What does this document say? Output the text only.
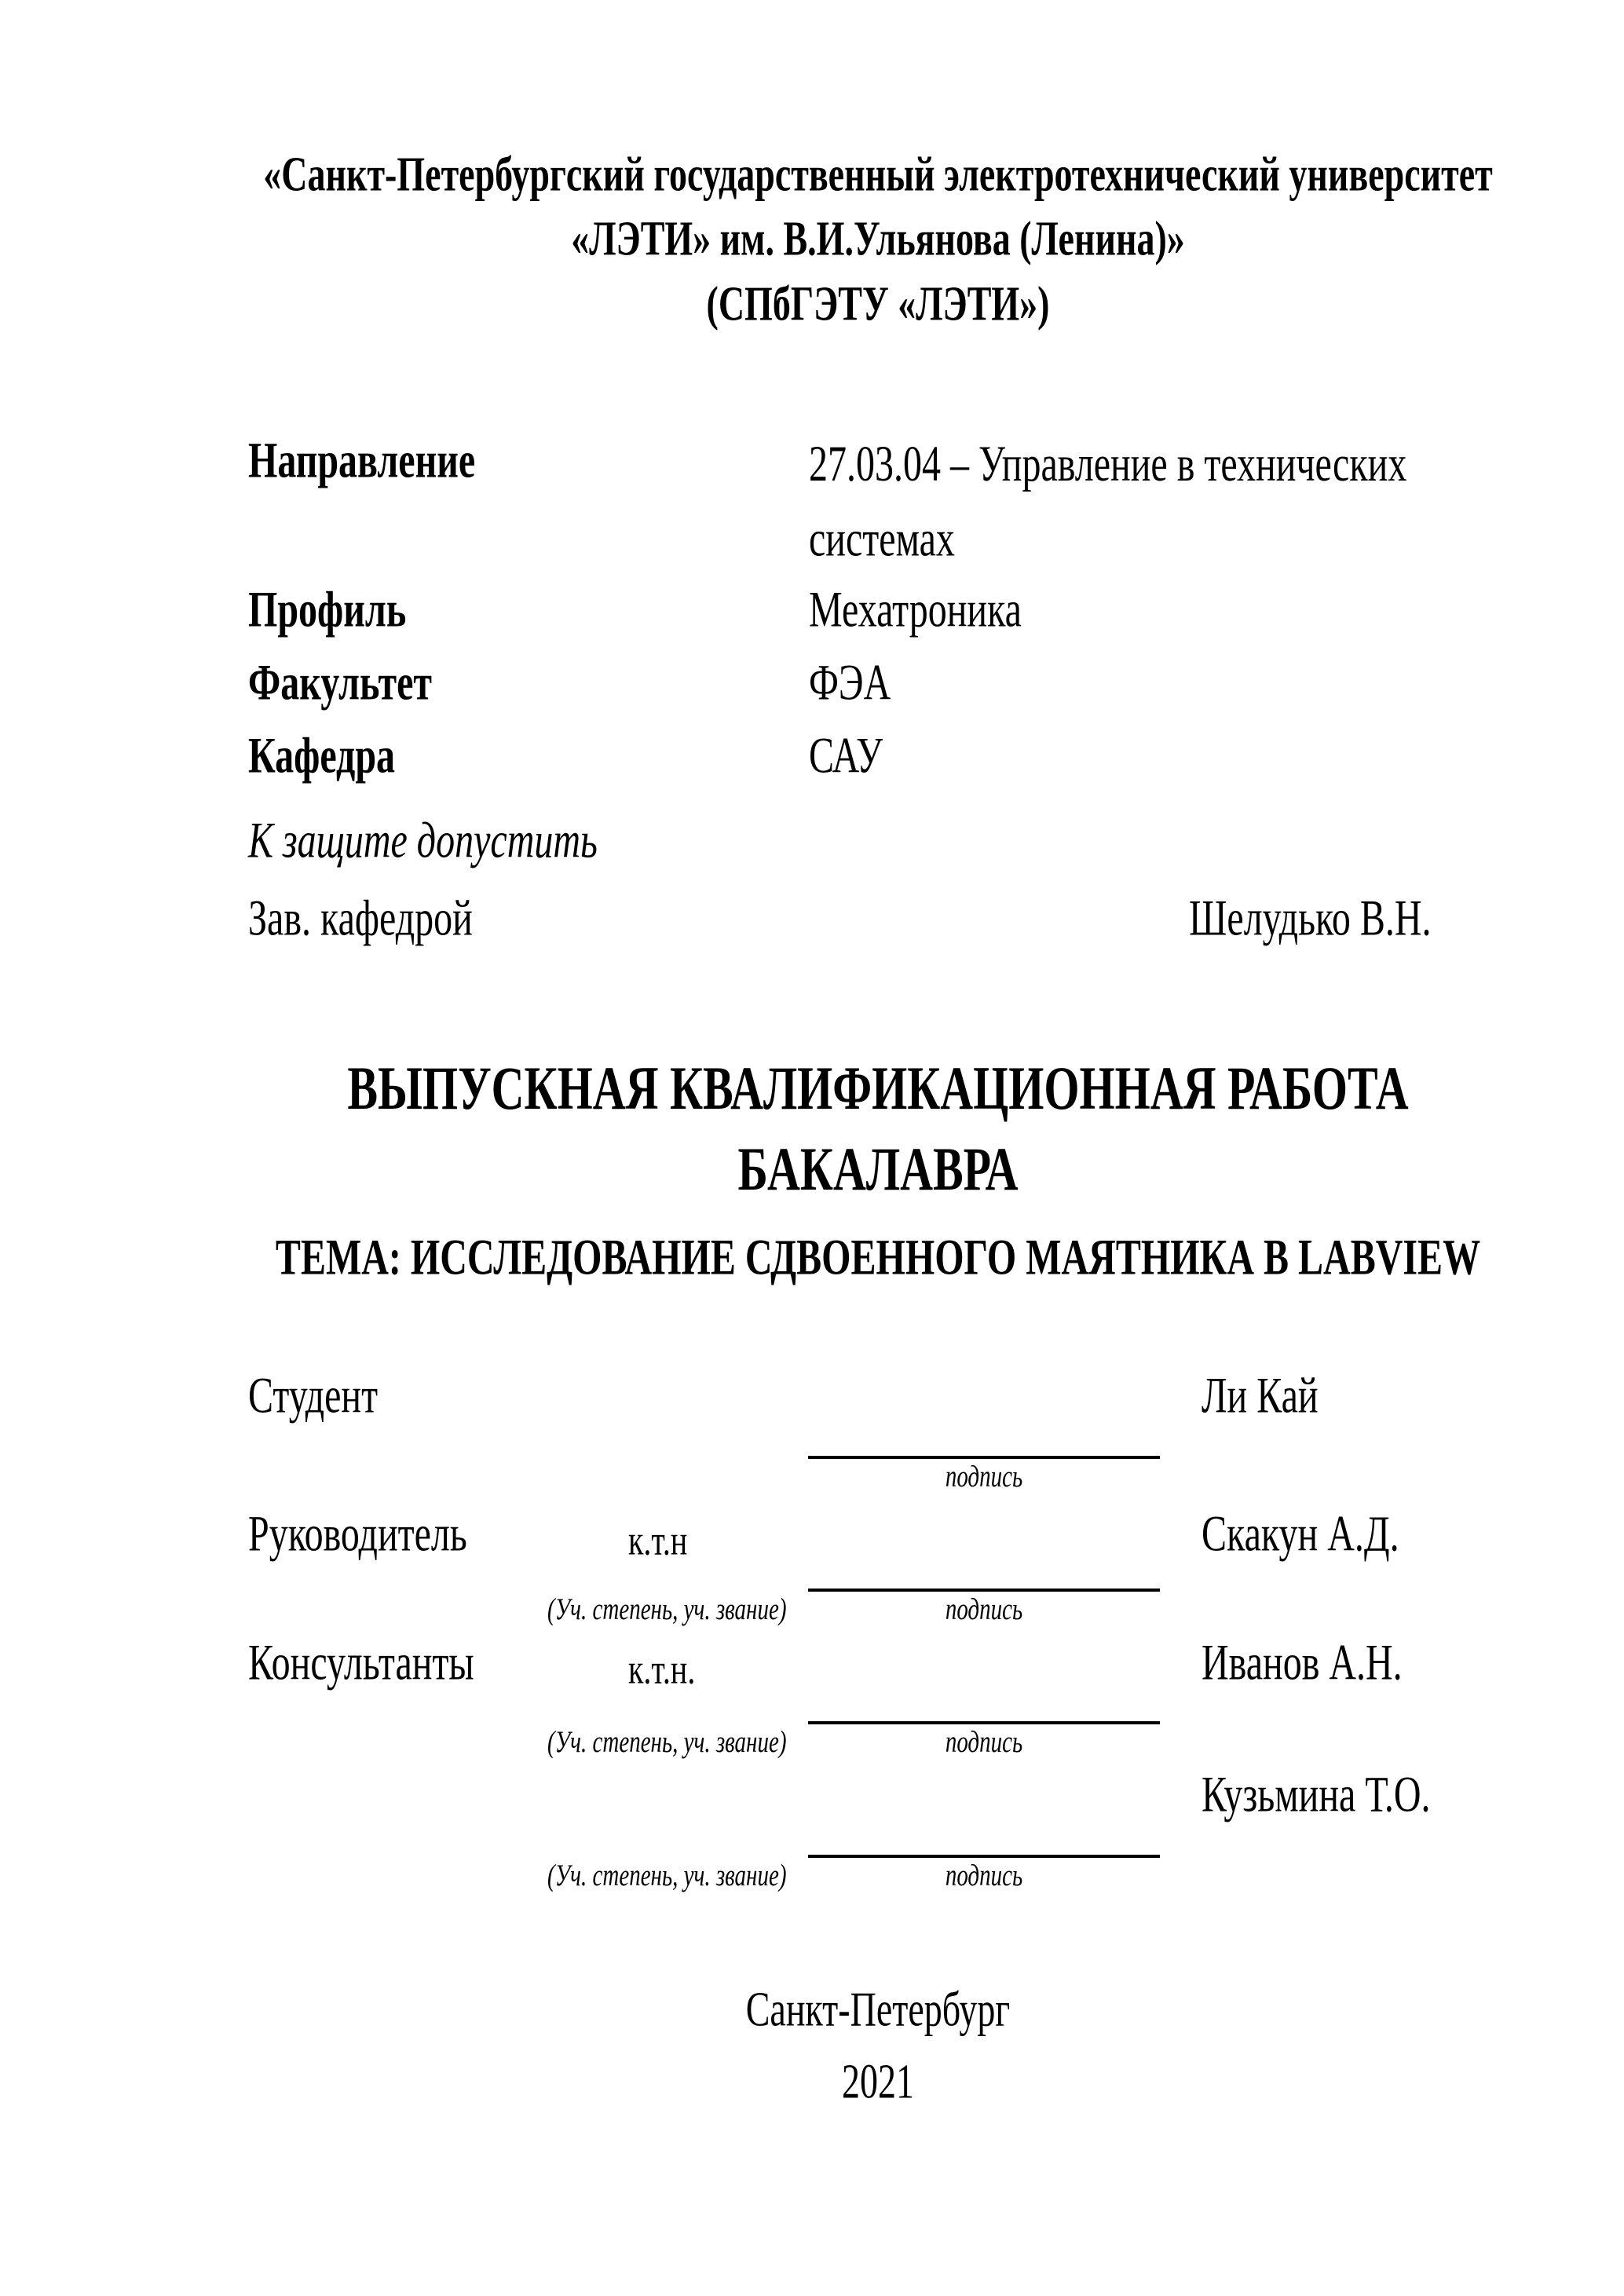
«Санкт-Петербургский государственный электротехнический университет
«ЛЭТИ» им. В.И.Ульянова (Ленина)»
(СПбГЭТУ «ЛЭТИ»)
Направление	27.03.04 – Управление в технических системах
Профиль	Мехатроника
Факультет	ФЭА
Кафедра	САУ
К защите допустить
Зав. кафедрой	Шелудько В.Н.
ВЫПУСКНАЯ КВАЛИФИКАЦИОННАЯ РАБОТА
БАКАЛАВРА
ТЕМА: ИССЛЕДОВАНИЕ СДВОЕННОГО МАЯТНИКА В LABVIEW
Студент	Ли Кай
подпись
Руководитель	к.т.н	Скакун А.Д.
(Уч. степень, уч. звание)	подпись
Консультанты	к.т.н.	Иванов А.Н.
(Уч. степень, уч. звание)	подпись
Кузьмина Т.О.
(Уч. степень, уч. звание)	подпись
Санкт-Петербург
2021
